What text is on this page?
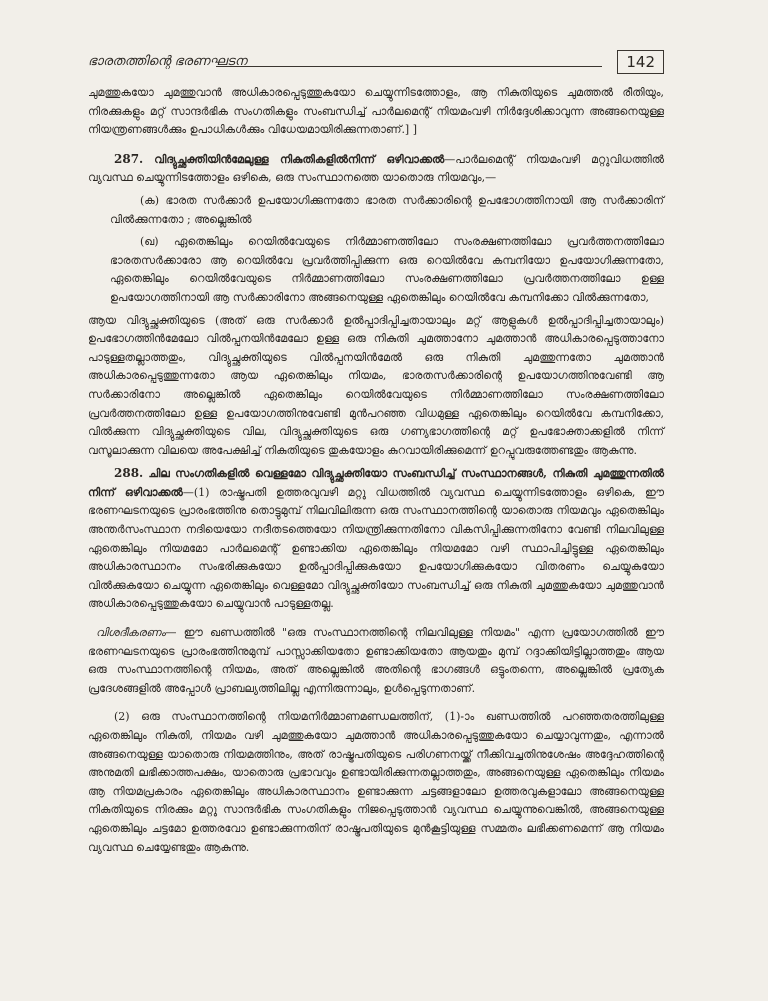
ഭാരതത്തിന്റെ ഭരണഘടന	142

ചുമത്തുകയോ ചുമത്തുവാൻ അധികാരപ്പെടുത്തുകയോ ചെയ്യുന്നിടത്തോളം, ആ നികുതിയുടെ ചുമത്തൽ രീതിയും, നിരക്കുകളും മറ്റ് സാന്ദർഭിക സംഗതികളും സംബന്ധിച്ച് പാർലമെന്റ് നിയമംവഴി നിർദ്ദേശിക്കാവുന്ന അങ്ങനെയുള്ള നിയന്ത്രണങ്ങൾക്കും ഉപാധികൾക്കും വിധേയമായിരിക്കുന്നതാണ്.] ]

287. വിദ്യുച്ഛക്തിയിൻമേലുള്ള നികുതികളിൽനിന്ന് ഒഴിവാക്കൽ—പാർലമെന്റ് നിയമംവഴി മറ്റുവിധത്തിൽ വ്യവസ്ഥ ചെയ്യുന്നിടത്തോളം ഒഴികെ, ഒരു സംസ്ഥാനത്തെ യാതൊരു നിയമവും,—

(ക) ഭാരത സർക്കാർ ഉപയോഗിക്കുന്നതോ ഭാരത സർക്കാരിന്റെ ഉപഭോഗത്തിനായി ആ സർക്കാരിന് വിൽക്കുന്നതോ ; അല്ലെങ്കിൽ

(ഖ) ഏതെങ്കിലും റെയിൽവേയുടെ നിർമ്മാണത്തിലോ സംരക്ഷണത്തിലോ പ്രവർത്തനത്തിലോ ഭാരതസർക്കാരോ ആ റെയിൽവേ പ്രവർത്തിപ്പിക്കുന്ന ഒരു റെയിൽവേ കമ്പനിയോ ഉപയോഗിക്കുന്നതോ, ഏതെങ്കിലും റെയിൽവേയുടെ നിർമ്മാണത്തിലോ സംരക്ഷണത്തിലോ പ്രവർത്തനത്തിലോ ഉള്ള ഉപയോഗത്തിനായി ആ സർക്കാരിനോ അങ്ങനെയുള്ള ഏതെങ്കിലും റെയിൽവേ കമ്പനിക്കോ വിൽക്കുന്നതോ,

ആയ വിദ്യുച്ഛക്തിയുടെ (അത് ഒരു സർക്കാർ ഉൽപ്പാദിപ്പിച്ചതായാലും മറ്റ് ആളുകൾ ഉൽപ്പാദിപ്പിച്ചതായാലും) ഉപഭോഗത്തിൻമേലോ വിൽപ്പനയിൻമേലോ ഉള്ള ഒരു നികുതി ചുമത്താനോ ചുമത്താൻ അധികാരപ്പെടുത്താനോ പാടുള്ളതല്ലാത്തതും, വിദ്യുച്ഛക്തിയുടെ വിൽപ്പനയിൻമേൽ ഒരു നികുതി ചുമത്തുന്നതോ ചുമത്താൻ അധികാരപ്പെടുത്തുന്നതോ ആയ ഏതെങ്കിലും നിയമം, ഭാരതസർക്കാരിന്റെ ഉപയോഗത്തിനുവേണ്ടി ആ സർക്കാരിനോ അല്ലെങ്കിൽ ഏതെങ്കിലും റെയിൽവേയുടെ നിർമ്മാണത്തിലോ സംരക്ഷണത്തിലോ പ്രവർത്തനത്തിലോ ഉള്ള ഉപയോഗത്തിനുവേണ്ടി മുൻപറഞ്ഞ വിധമുള്ള ഏതെങ്കിലും റെയിൽവേ കമ്പനിക്കോ, വിൽക്കുന്ന വിദ്യുച്ഛക്തിയുടെ വില, വിദ്യുച്ഛക്തിയുടെ ഒരു ഗണ്യഭാഗത്തിന്റെ മറ്റ് ഉപഭോക്താക്കളിൽ നിന്ന് വസൂലാക്കുന്ന വിലയെ അപേക്ഷിച്ച് നികുതിയുടെ തുകയോളം കുറവായിരിക്കുമെന്ന് ഉറപ്പുവരുത്തേണ്ടതും ആകുന്നു.

288. ചില സംഗതികളിൽ വെള്ളമോ വിദ്യുച്ഛക്തിയോ സംബന്ധിച്ച് സംസ്ഥാനങ്ങൾ, നികുതി ചുമത്തുന്നതിൽ നിന്ന് ഒഴിവാക്കൽ—(1) രാഷ്ട്രപതി ഉത്തരവുവഴി മറ്റു വിധത്തിൽ വ്യവസ്ഥ ചെയ്യുന്നിടത്തോളം ഒഴികെ, ഈ ഭരണഘടനയുടെ പ്രാരംഭത്തിനു തൊട്ടുമുമ്പ് നിലവിലിരുന്ന ഒരു സംസ്ഥാനത്തിന്റെ യാതൊരു നിയമവും ഏതെങ്കിലും അന്തർസംസ്ഥാന നദിയെയോ നദീതടത്തെയോ നിയന്ത്രിക്കുന്നതിനോ വികസിപ്പിക്കുന്നതിനോ വേണ്ടി നിലവിലുള്ള ഏതെങ്കിലും നിയമമോ പാർലമെന്റ് ഉണ്ടാക്കിയ ഏതെങ്കിലും നിയമമോ വഴി സ്ഥാപിച്ചിട്ടുള്ള ഏതെങ്കിലും അധികാരസ്ഥാനം സംഭരിക്കുകയോ ഉൽപ്പാദിപ്പിക്കുകയോ ഉപയോഗിക്കുകയോ വിതരണം ചെയ്യുകയോ വിൽക്കുകയോ ചെയ്യുന്ന ഏതെങ്കിലും വെള്ളമോ വിദ്യുച്ഛക്തിയോ സംബന്ധിച്ച് ഒരു നികുതി ചുമത്തുകയോ ചുമത്തുവാൻ അധികാരപ്പെടുത്തുകയോ ചെയ്യുവാൻ പാടുള്ളതല്ല.

വിശദീകരണം— ഈ ഖണ്ഡത്തിൽ "ഒരു സംസ്ഥാനത്തിന്റെ നിലവിലുള്ള നിയമം" എന്ന പ്രയോഗത്തിൽ ഈ ഭരണഘടനയുടെ പ്രാരംഭത്തിനുമുമ്പ് പാസ്സാക്കിയതോ ഉണ്ടാക്കിയതോ ആയതും മുമ്പ് റദ്ദാക്കിയിട്ടില്ലാത്തതും ആയ ഒരു സംസ്ഥാനത്തിന്റെ നിയമം, അത് അല്ലെങ്കിൽ അതിന്റെ ഭാഗങ്ങൾ ഒട്ടുംതന്നെ, അല്ലെങ്കിൽ പ്രത്യേക പ്രദേശങ്ങളിൽ അപ്പോൾ പ്രാബല്യത്തിലില്ല എന്നിരുന്നാലും, ഉൾപ്പെടുന്നതാണ്.

(2) ഒരു സംസ്ഥാനത്തിന്റെ നിയമനിർമ്മാണമണ്ഡലത്തിന്, (1)-ാം ഖണ്ഡത്തിൽ പറഞ്ഞതരത്തിലുള്ള ഏതെങ്കിലും നികുതി, നിയമം വഴി ചുമത്തുകയോ ചുമത്താൻ അധികാരപ്പെടുത്തുകയോ ചെയ്യാവുന്നതും, എന്നാൽ അങ്ങനെയുള്ള യാതൊരു നിയമത്തിനും, അത് രാഷ്ട്രപതിയുടെ പരിഗണനയ്ക്ക് നീക്കിവച്ചതിനുശേഷം അദ്ദേഹത്തിന്റെ അനുമതി ലഭിക്കാത്തപക്ഷം, യാതൊരു പ്രഭാവവും ഉണ്ടായിരിക്കുന്നതല്ലാത്തതും, അങ്ങനെയുള്ള ഏതെങ്കിലും നിയമം ആ നിയമപ്രകാരം ഏതെങ്കിലും അധികാരസ്ഥാനം ഉണ്ടാക്കുന്ന ചട്ടങ്ങളാലോ ഉത്തരവുകളാലോ അങ്ങനെയുള്ള നികുതിയുടെ നിരക്കും മറ്റു സാന്ദർഭിക സംഗതികളും നിജപ്പെടുത്താൻ വ്യവസ്ഥ ചെയ്യുന്നുവെങ്കിൽ, അങ്ങനെയുള്ള ഏതെങ്കിലും ചട്ടമോ ഉത്തരവോ ഉണ്ടാക്കുന്നതിന് രാഷ്ട്രപതിയുടെ മുൻകൂട്ടിയുള്ള സമ്മതം ലഭിക്കണമെന്ന് ആ നിയമം വ്യവസ്ഥ ചെയ്യേണ്ടതും ആകുന്നു.
